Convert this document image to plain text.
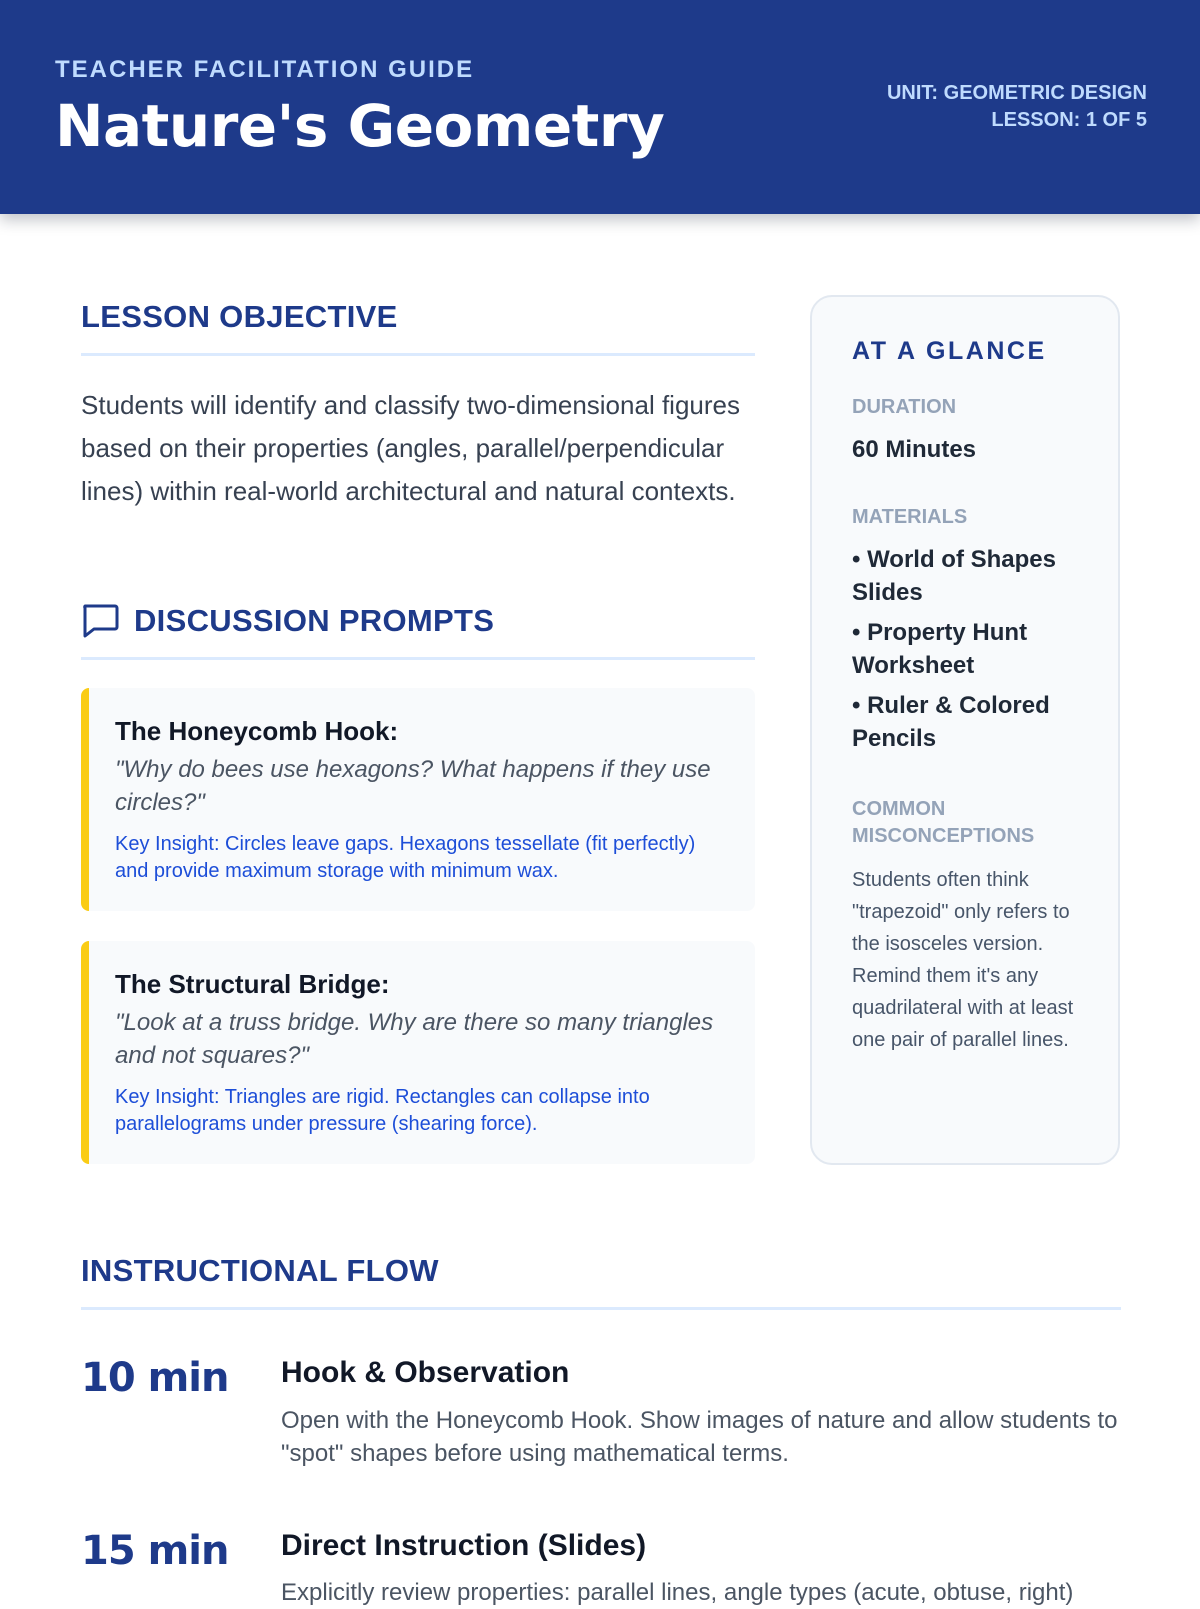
TEACHER FACILITATION GUIDE

Nature's Geometry	UNIT: GEOMETRIC DESIGN
LESSON: 1 OF 5
LESSON OBJECTIVE

Students will identify and classify two-dimensional figures based on their properties (angles, parallel/perpendicular lines) within real-world architectural and natural contexts.

DISCUSSION PROMPTS

The Honeycomb Hook:

"Why do bees use hexagons? What happens if they use circles?"

Key Insight: Circles leave gaps. Hexagons tessellate (fit perfectly) and provide maximum storage with minimum wax.

The Structural Bridge:

"Look at a truss bridge. Why are there so many triangles and not squares?"

Key Insight: Triangles are rigid. Rectangles can collapse into parallelograms under pressure (shearing force).

AT A GLANCE

DURATION

60 Minutes

MATERIALS

• World of Shapes Slides
• Property Hunt Worksheet
• Ruler & Colored Pencils

COMMON MISCONCEPTIONS

Students often think "trapezoid" only refers to the isosceles version. Remind them it's any quadrilateral with at least one pair of parallel lines.

INSTRUCTIONAL FLOW

10 min Hook & Observation

Open with the Honeycomb Hook. Show images of nature and allow students to "spot" shapes before using mathematical terms.

15 min Direct Instruction (Slides)

Explicitly review properties: parallel lines, angle types (acute, obtuse, right)
